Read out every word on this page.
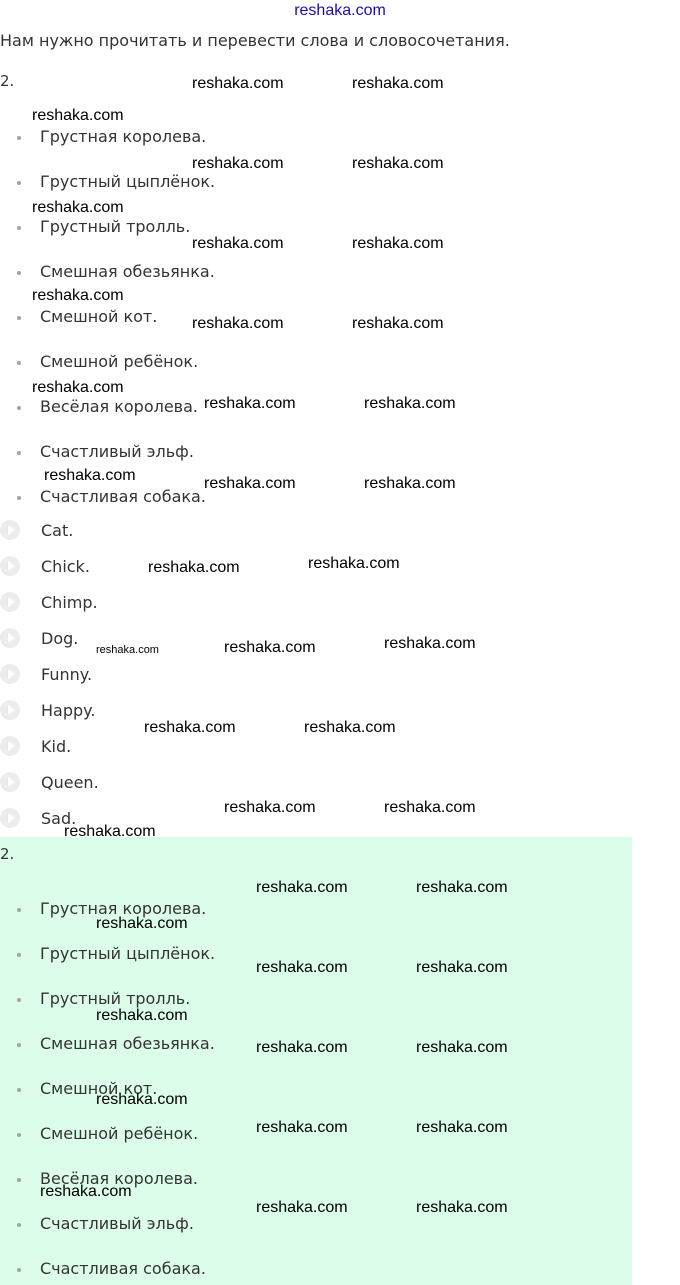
reshaka.com

Нам нужно прочитать и перевести слова и словосочетания.

2.
Грустная королева.
Грустный цыплёнок.
Грустный тролль.
Смешная обезьянка.
Смешной кот.
Смешной ребёнок.
Весёлая королева.
Счастливый эльф.
Счастливая собака.
Cat.
Chick.
Chimp.
Dog.
Funny.
Happy.
Kid.
Queen.
Sad.
2.
Грустная королева.
Грустный цыплёнок.
Грустный тролль.
Смешная обезьянка.
Смешной кот.
Смешной ребёнок.
Весёлая королева.
Счастливый эльф.
Счастливая собака.
reshaka.com	reshaka.com
reshaka.com
reshaka.com	reshaka.com
reshaka.com
reshaka.com	reshaka.com
reshaka.com
reshaka.com	reshaka.com
reshaka.com
reshaka.com	reshaka.com
reshaka.com	reshaka.com	reshaka.com
reshaka.com	reshaka.com
reshaka.com	reshaka.com	reshaka.com
reshaka.com	reshaka.com
reshaka.com	reshaka.com
reshaka.com
reshaka.com	reshaka.com
reshaka.com
reshaka.com	reshaka.com
reshaka.com
reshaka.com	reshaka.com
reshaka.com
reshaka.com	reshaka.com
reshaka.com
reshaka.com	reshaka.com
